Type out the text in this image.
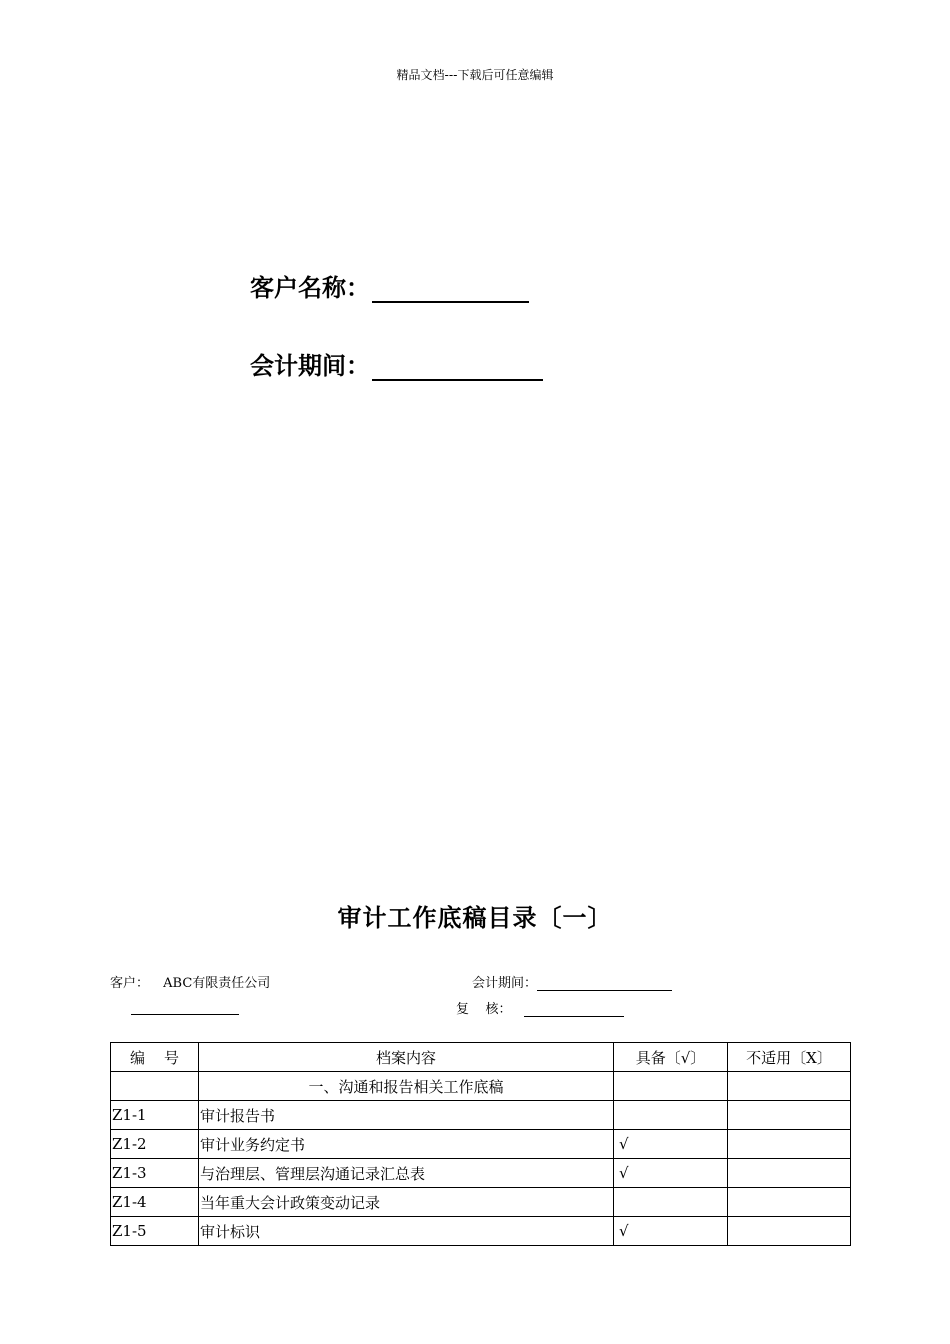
精品文档---下载后可任意编辑
客户名称：
会计期间：
审计工作底稿目录〔一〕
客户： ABC有限责任公司	会计期间：
复    核：
编    号	档案内容	具备〔√〕	不适用〔X〕
	一、沟通和报告相关工作底稿		
Z1-1	审计报告书		
Z1-2	审计业务约定书	√	
Z1-3	与治理层、管理层沟通记录汇总表	√	
Z1-4	当年重大会计政策变动记录		
Z1-5	审计标识	√	
